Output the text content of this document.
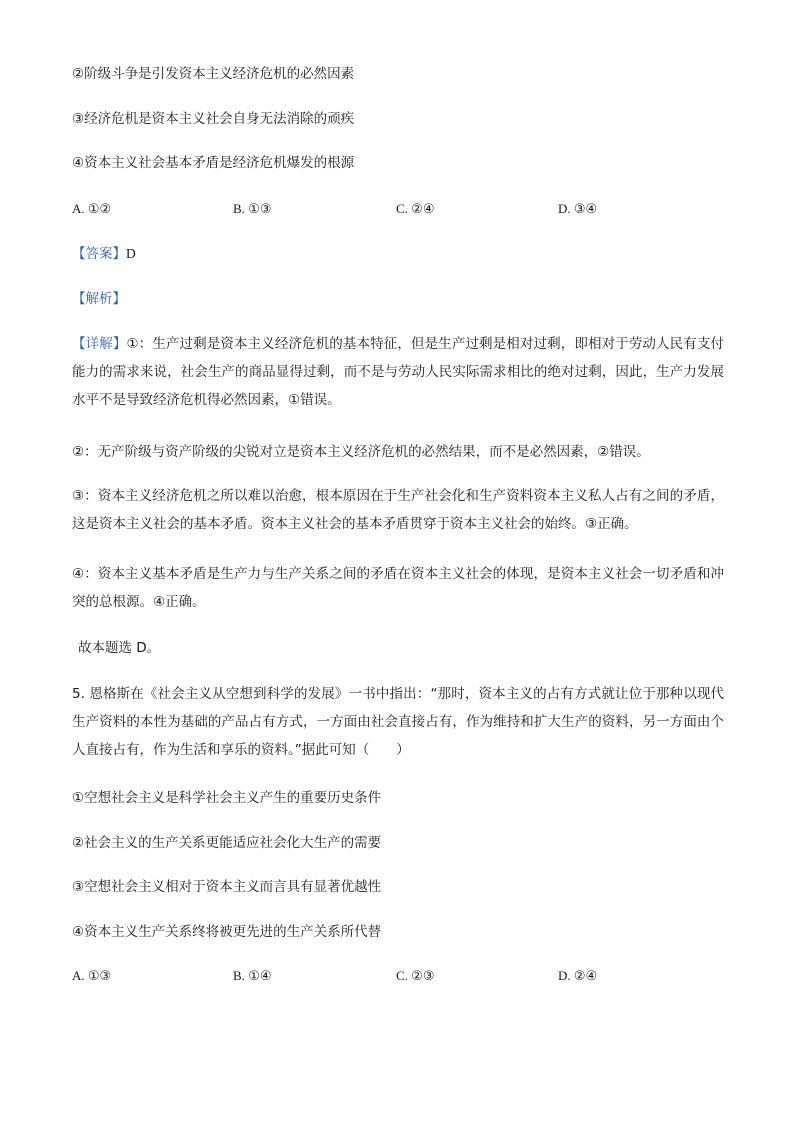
②阶级斗争是引发资本主义经济危机的必然因素
③经济危机是资本主义社会自身无法消除的顽疾
④资本主义社会基本矛盾是经济危机爆发的根源
A. ①②	B. ①③	C. ②④	D. ③④
【答案】D
【解析】
【详解】①：生产过剩是资本主义经济危机的基本特征，但是生产过剩是相对过剩，即相对于劳动人民有支付能力的需求来说，社会生产的商品显得过剩，而不是与劳动人民实际需求相比的绝对过剩，因此，生产力发展水平不是导致经济危机得必然因素，①错误。
②：无产阶级与资产阶级的尖锐对立是资本主义经济危机的必然结果，而不是必然因素，②错误。
③：资本主义经济危机之所以难以治愈，根本原因在于生产社会化和生产资料资本主义私人占有之间的矛盾，这是资本主义社会的基本矛盾。资本主义社会的基本矛盾贯穿于资本主义社会的始终。③正确。
④：资本主义基本矛盾是生产力与生产关系之间的矛盾在资本主义社会的体现，是资本主义社会一切矛盾和冲突的总根源。④正确。
故本题选 D。
5. 恩格斯在《社会主义从空想到科学的发展》一书中指出：“那时，资本主义的占有方式就让位于那种以现代生产资料的本性为基础的产品占有方式，一方面由社会直接占有，作为维持和扩大生产的资料，另一方面由个人直接占有，作为生活和享乐的资料。”据此可知（　　）
①空想社会主义是科学社会主义产生的重要历史条件
②社会主义的生产关系更能适应社会化大生产的需要
③空想社会主义相对于资本主义而言具有显著优越性
④资本主义生产关系终将被更先进的生产关系所代替
A. ①③	B. ①④	C. ②③	D. ②④
